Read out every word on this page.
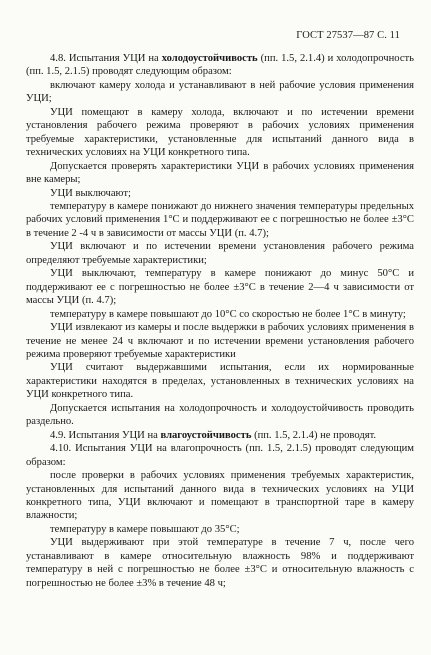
ГОСТ 27537—87 С. 11

4.8. Испытания УЦИ на холодоустойчивость (пп. 1.5, 2.1.4) и холодопрочность (пп. 1.5, 2.1.5) проводят следующим образом:

включают камеру холода и устанавливают в ней рабочие условия применения УЦИ;

УЦИ помещают в камеру холода, включают и по истечении времени установления рабочего режима проверяют в рабочих условиях применения требуемые характеристики, установленные для испытаний данного вида в технических условиях на УЦИ конкретного типа.

Допускается проверять характеристики УЦИ в рабочих условиях применения вне камеры;

УЦИ выключают;

температуру в камере понижают до нижнего значения температуры предельных рабочих условий применения 1°С и поддерживают ее с погрешностью не более ±3°С в течение 2 -4 ч в зависимости от массы УЦИ (п. 4.7);

УЦИ включают и по истечении времени установления рабочего режима определяют требуемые характеристики;

УЦИ выключают, температуру в камере понижают до минус 50°С и поддерживают ее с погрешностью не более ±3°С в течение 2—4 ч зависимости от массы УЦИ (п. 4.7);

температуру в камере повышают до 10°С со скоростью не более 1°С в минуту;

УЦИ извлекают из камеры и после выдержки в рабочих условиях применения в течение не менее 24 ч включают и по истечении времени установления рабочего режима проверяют требуемые характеристики

УЦИ считают выдержавшими испытания, если их нормированные характеристики находятся в пределах, установленных в технических условиях на УЦИ конкретного типа.

Допускается испытания на холодопрочность и холодоустойчивость проводить раздельно.

4.9. Испытания УЦИ на влагоустойчивость (пп. 1.5, 2.1.4) не проводят.

4.10. Испытания УЦИ на влагопрочность (пп. 1.5, 2.1.5) проводят следующим образом:

после проверки в рабочих условиях применения требуемых характеристик, установленных для испытаний данного вида в технических условиях на УЦИ конкретного типа, УЦИ включают и помещают в транспортной таре в камеру влажности;

температуру в камере повышают до 35°С;

УЦИ выдерживают при этой температуре в течение 7 ч, после чего устанавливают в камере относительную влажность 98% и поддерживают температуру в ней с погрешностью не более ±3°С и относительную влажность с погрешностью не более ±3% в течение 48 ч;
